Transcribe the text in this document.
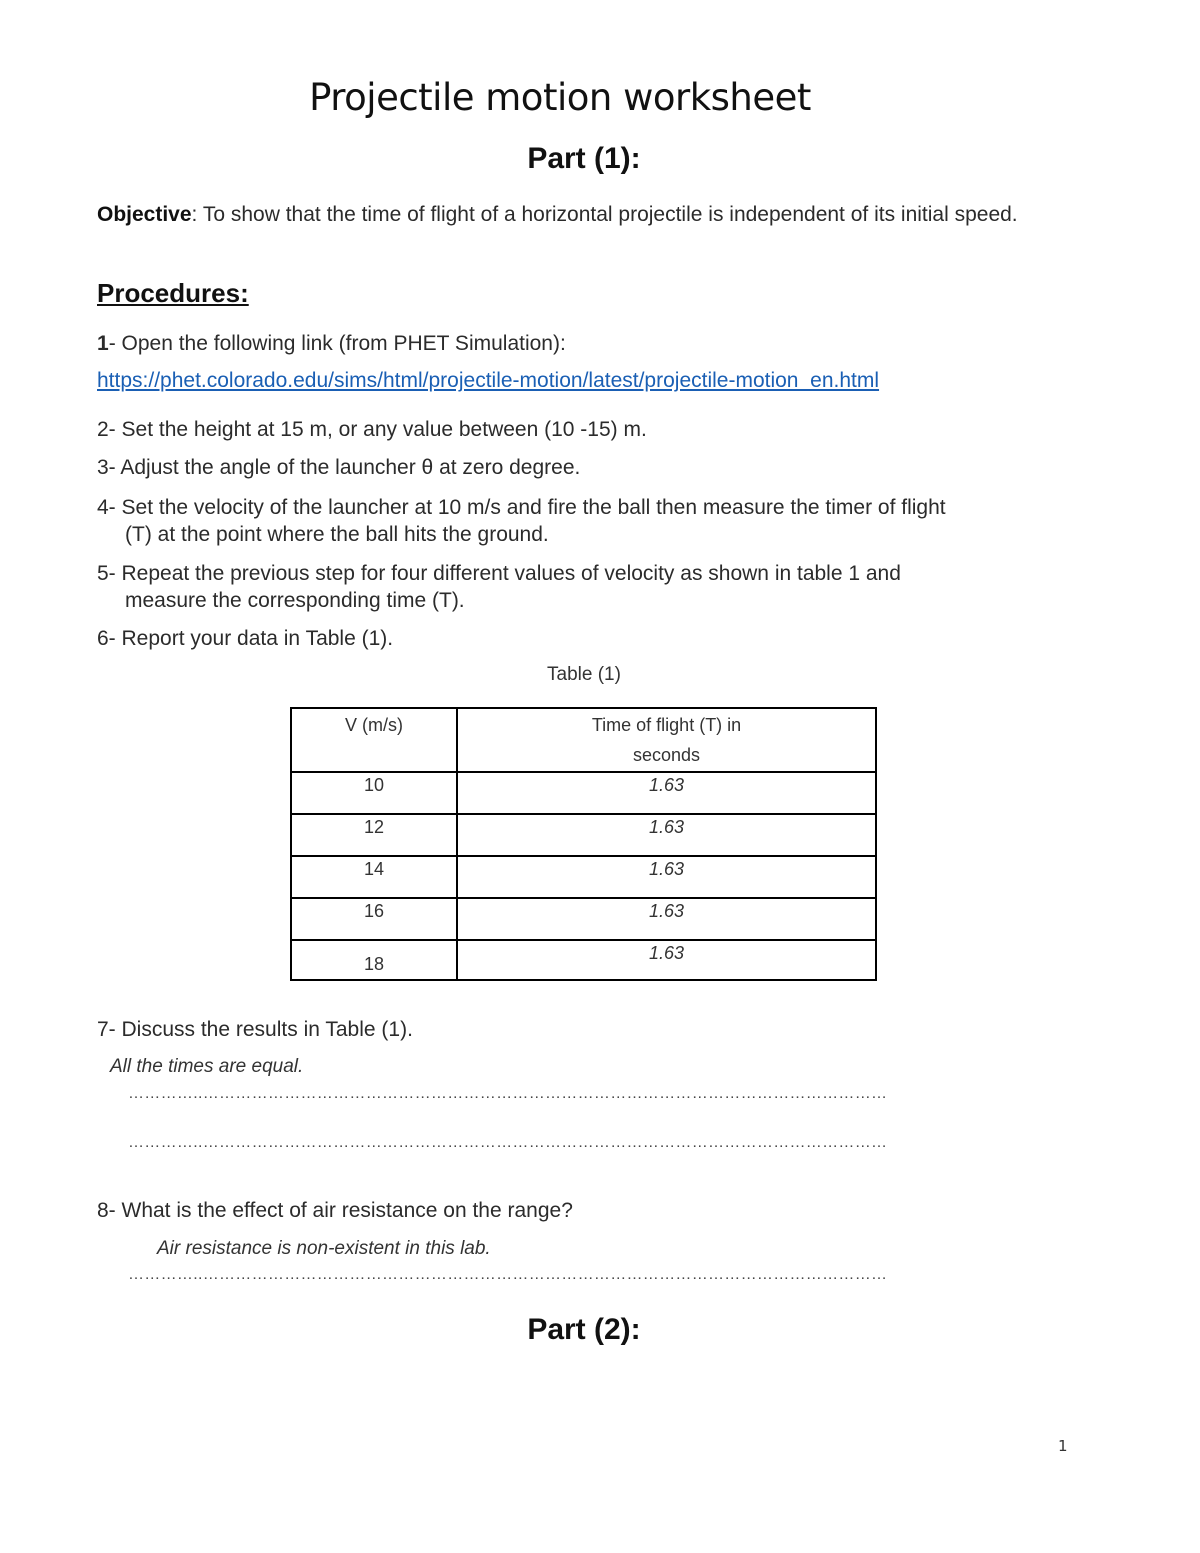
Projectile motion worksheet
Part (1):
Objective: To show that the time of flight of a horizontal projectile is independent of its initial speed.
Procedures:
1- Open the following link (from PHET Simulation):
https://phet.colorado.edu/sims/html/projectile-motion/latest/projectile-motion_en.html
2- Set the height at 15 m, or any value between (10 -15) m.
3- Adjust the angle of the launcher θ at zero degree.
4- Set the velocity of the launcher at 10 m/s and fire the ball then measure the timer of flight
(T) at the point where the ball hits the ground.
5- Repeat the previous step for four different values of velocity as shown in table 1 and
measure the corresponding time (T).
6- Report your data in Table (1).
Table (1)
V (m/s)	Time of flight (T) in
seconds
10	1.63
12	1.63
14	1.63
16	1.63
18	1.63
7- Discuss the results in Table (1).
All the times are equal.
…………..………………………………………………………………………………………………………………
…………..………………………………………………………………………………………………………………
8- What is the effect of air resistance on the range?
Air resistance is non-existent in this lab.
…………..………………………………………………………………………………………………………………
Part (2):
1
